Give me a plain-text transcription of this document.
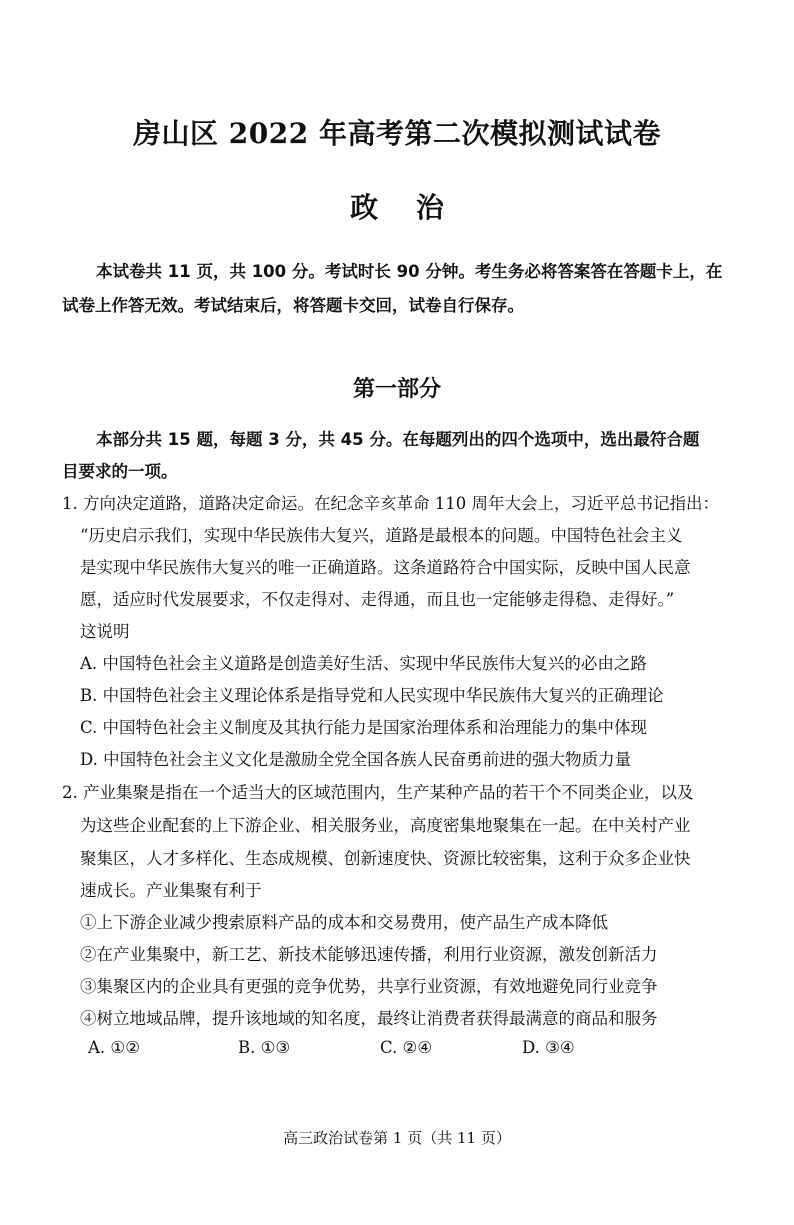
房山区 2022 年高考第二次模拟测试试卷
政 治
本试卷共 11 页，共 100 分。考试时长 90 分钟。考生务必将答案答在答题卡上，在
试卷上作答无效。考试结束后，将答题卡交回，试卷自行保存。
第一部分
本部分共 15 题，每题 3 分，共 45 分。在每题列出的四个选项中，选出最符合题
目要求的一项。
1. 方向决定道路，道路决定命运。在纪念辛亥革命 110 周年大会上，习近平总书记指出：
“历史启示我们，实现中华民族伟大复兴，道路是最根本的问题。中国特色社会主义
是实现中华民族伟大复兴的唯一正确道路。这条道路符合中国实际，反映中国人民意
愿，适应时代发展要求，不仅走得对、走得通，而且也一定能够走得稳、走得好。”
这说明
A. 中国特色社会主义道路是创造美好生活、实现中华民族伟大复兴的必由之路
B. 中国特色社会主义理论体系是指导党和人民实现中华民族伟大复兴的正确理论
C. 中国特色社会主义制度及其执行能力是国家治理体系和治理能力的集中体现
D. 中国特色社会主义文化是激励全党全国各族人民奋勇前进的强大物质力量
2. 产业集聚是指在一个适当大的区域范围内，生产某种产品的若干个不同类企业，以及
为这些企业配套的上下游企业、相关服务业，高度密集地聚集在一起。在中关村产业
聚集区，人才多样化、生态成规模、创新速度快、资源比较密集，这利于众多企业快
速成长。产业集聚有利于
①上下游企业减少搜索原料产品的成本和交易费用，使产品生产成本降低
②在产业集聚中，新工艺、新技术能够迅速传播，利用行业资源，激发创新活力
③集聚区内的企业具有更强的竞争优势，共享行业资源，有效地避免同行业竞争
④树立地域品牌，提升该地域的知名度，最终让消费者获得最满意的商品和服务
A. ①②	B. ①③	C. ②④	D. ③④
高三政治试卷第 1 页（共 11 页）
